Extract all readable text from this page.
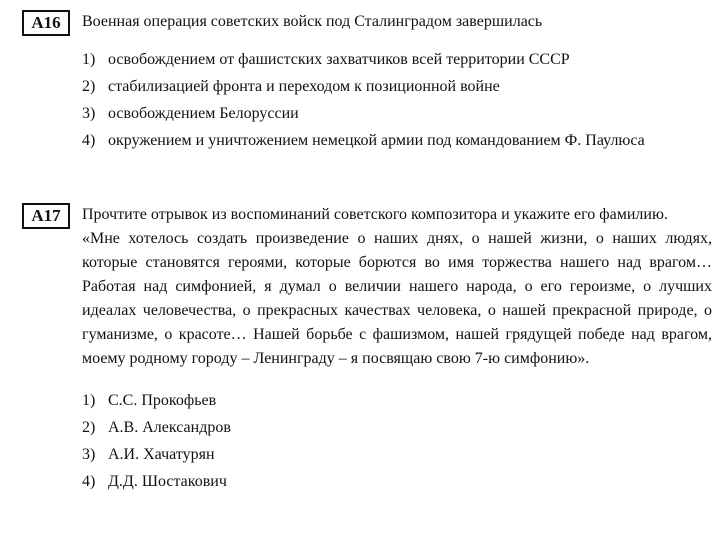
A16	Военная операция советских войск под Сталинградом завершилась

1) освобождением от фашистских захватчиков всей территории СССР
2) стабилизацией фронта и переходом к позиционной войне
3) освобождением Белоруссии
4) окружением и уничтожением немецкой армии под командованием Ф. Паулюса
A17	Прочтите отрывок из воспоминаний советского композитора и укажите его фамилию.

«Мне хотелось создать произведение о наших днях, о нашей жизни, о наших людях, которые становятся героями, которые борются во имя торжества нашего над врагом… Работая над симфонией, я думал о величии нашего народа, о его героизме, о лучших идеалах человечества, о прекрасных качествах человека, о нашей прекрасной природе, о гуманизме, о красоте… Нашей борьбе с фашизмом, нашей грядущей победе над врагом, моему родному городу – Ленинграду – я посвящаю свою 7-ю симфонию».

1) С.С. Прокофьев
2) А.В. Александров
3) А.И. Хачатурян
4) Д.Д. Шостакович
